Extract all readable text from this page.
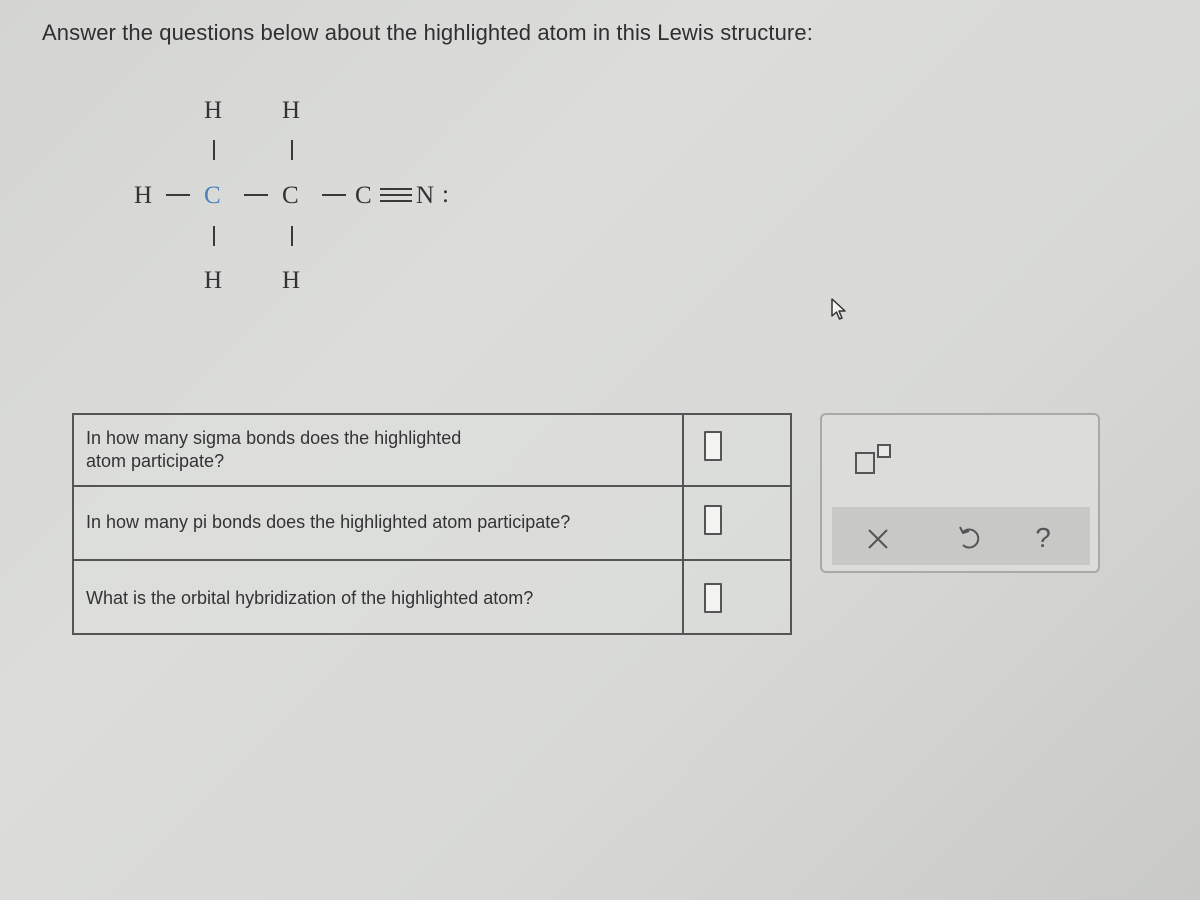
Answer the questions below about the highlighted atom in this Lewis structure:
H H
H C C C N :
H H
In how many sigma bonds does the highlighted atom participate?
In how many pi bonds does the highlighted atom participate?
What is the orbital hybridization of the highlighted atom?
?
